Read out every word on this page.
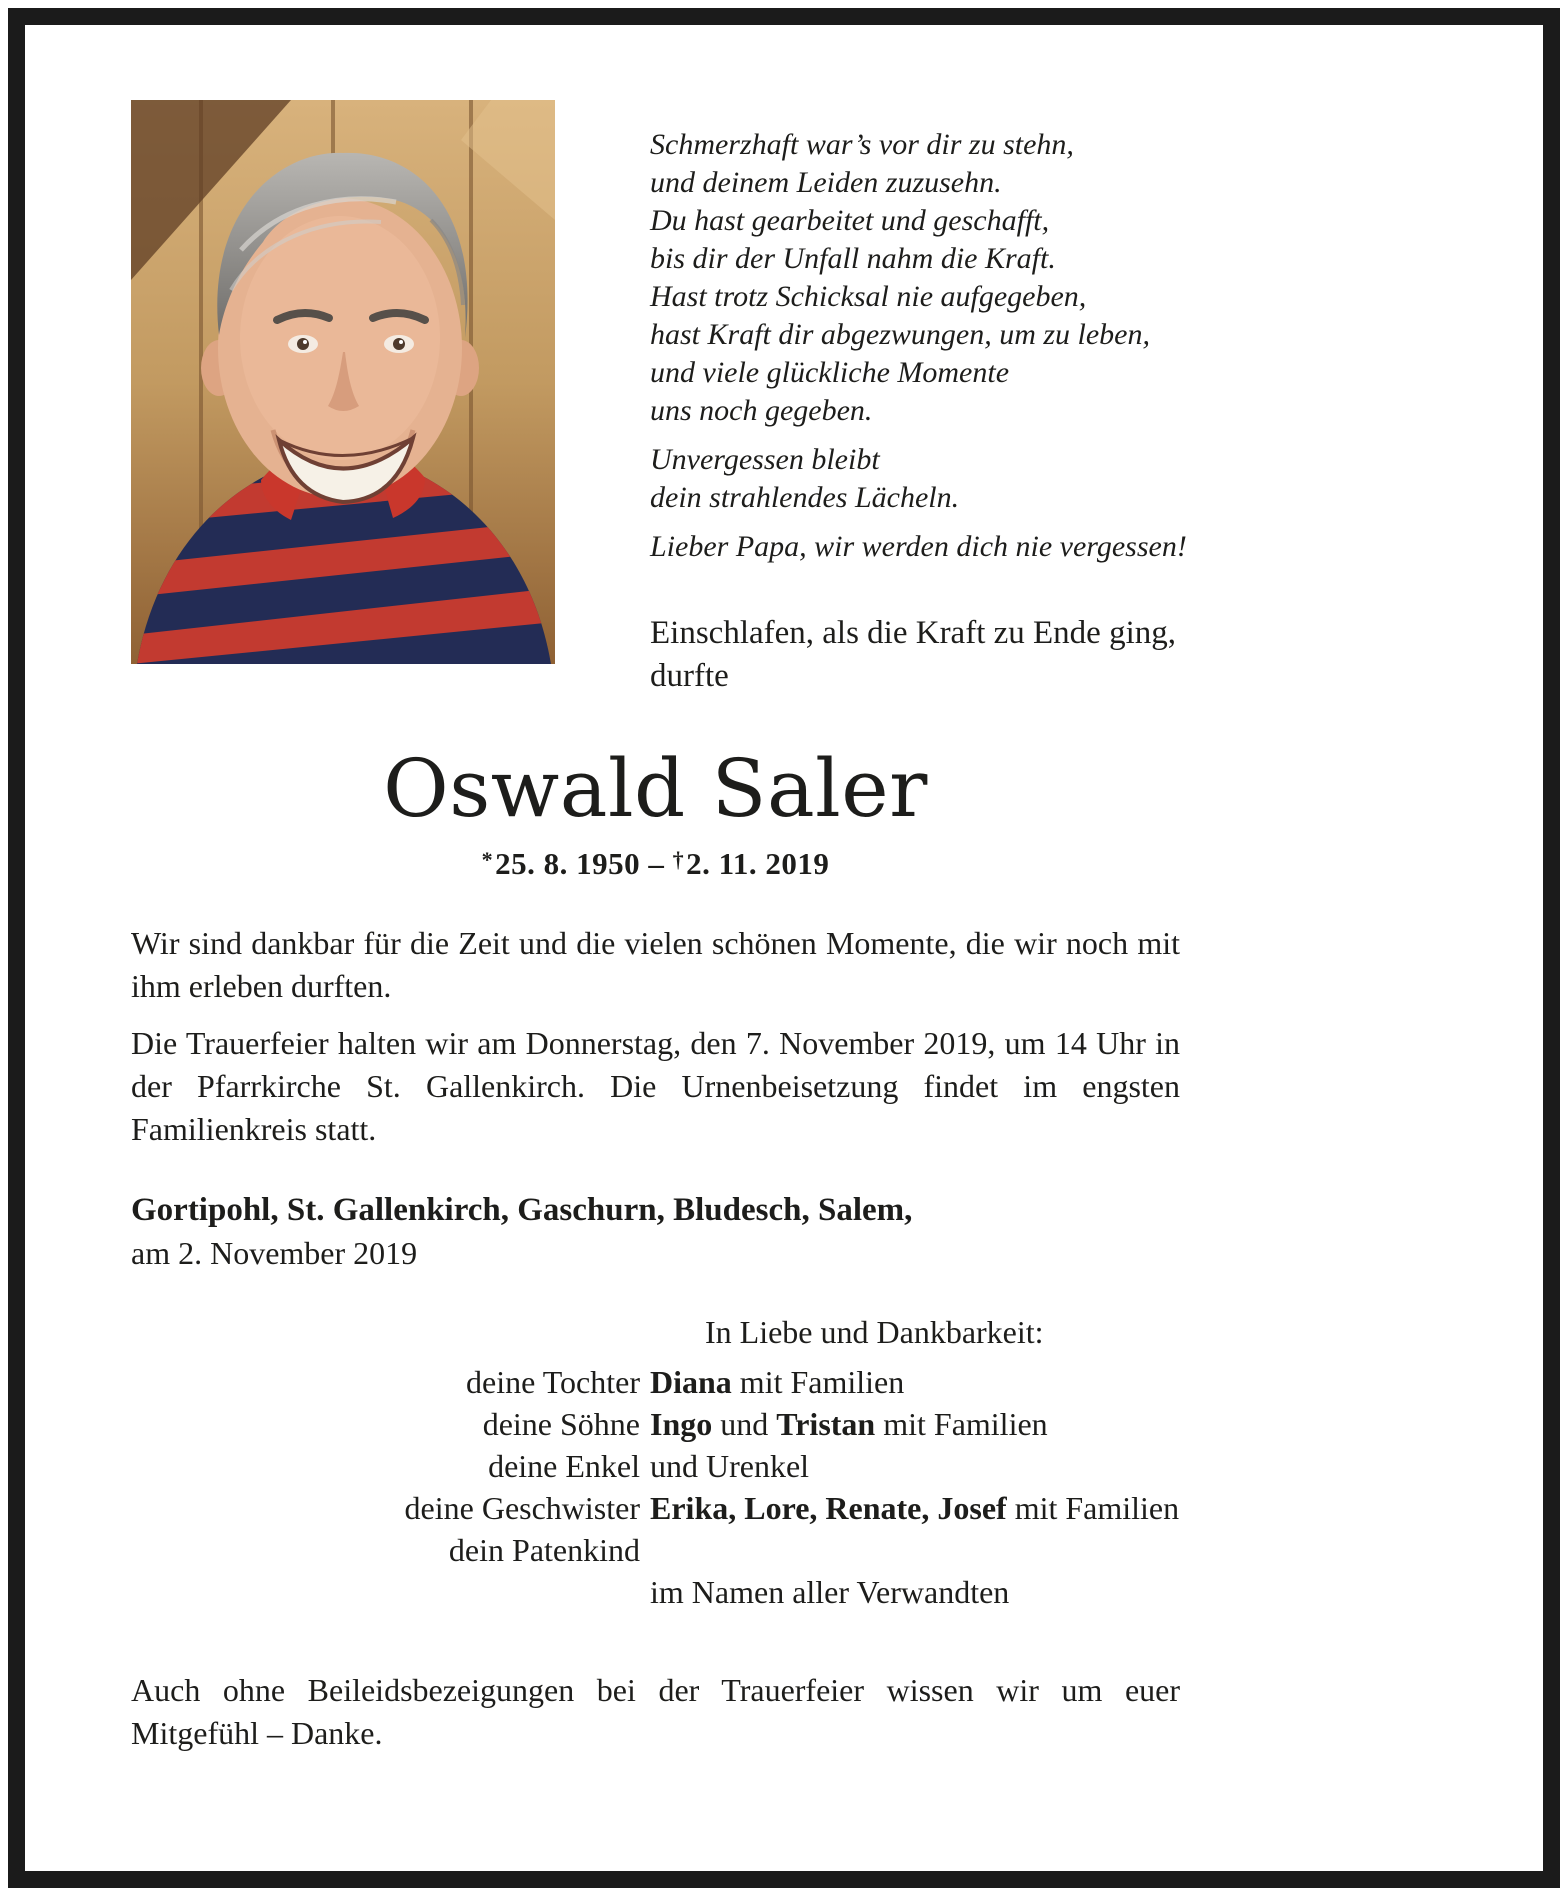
Schmerzhaft war’s vor dir zu stehn,
und deinem Leiden zuzusehn.
Du hast gearbeitet und geschafft,
bis dir der Unfall nahm die Kraft.
Hast trotz Schicksal nie aufgegeben,
hast Kraft dir abgezwungen, um zu leben,
und viele glückliche Momente
uns noch gegeben.
Unvergessen bleibt
dein strahlendes Lächeln.
Lieber Papa, wir werden dich nie vergessen!
Einschlafen, als die Kraft zu Ende ging,
durfte
Oswald Saler
*25. 8. 1950 – †2. 11. 2019

Wir sind dankbar für die Zeit und die vielen schönen Momente, die wir noch mit ihm erleben durften.

Die Trauerfeier halten wir am Donnerstag, den 7. November 2019, um 14 Uhr in der Pfarrkirche St. Gallenkirch. Die Urnenbeisetzung findet im engsten Familienkreis statt.

Gortipohl, St. Gallenkirch, Gaschurn, Bludesch, Salem,
am 2. November 2019
In Liebe und Dankbarkeit:
deine Tochter Diana mit Familien
deine Söhne Ingo und Tristan mit Familien
deine Enkel und Urenkel
deine Geschwister Erika, Lore, Renate, Josef mit Familien
dein Patenkind
im Namen aller Verwandten

Auch ohne Beileidsbezeigungen bei der Trauerfeier wissen wir um euer Mitgefühl – Danke.
